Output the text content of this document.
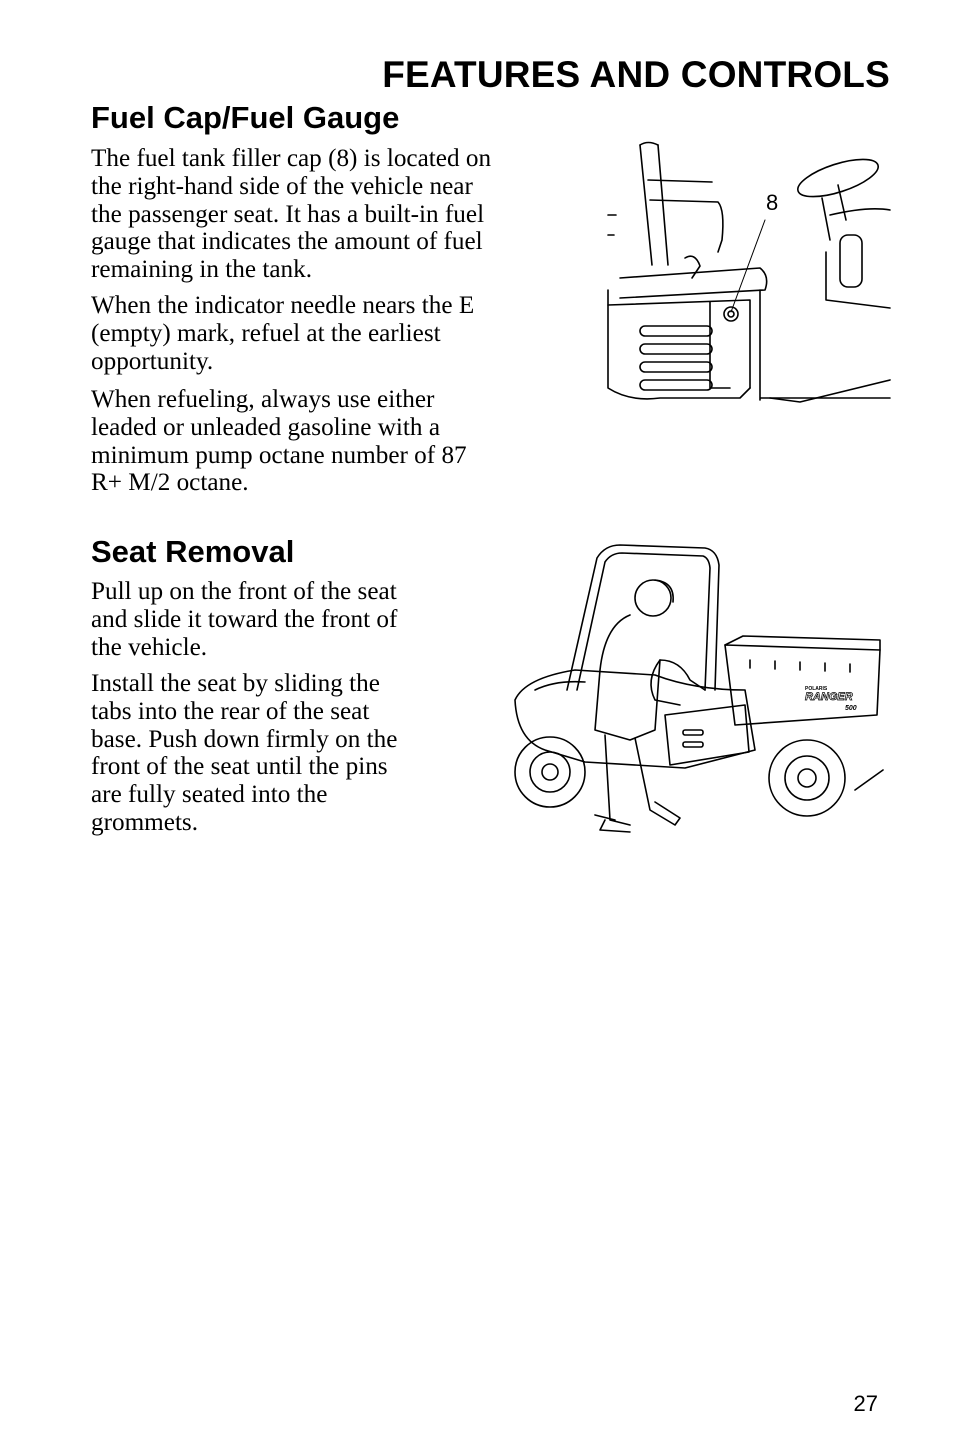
FEATURES AND CONTROLS
Fuel Cap/Fuel Gauge

The fuel tank filler cap (8) is located on
the right-hand side of the vehicle near
the passenger seat. It has a built-in fuel
gauge that indicates the amount of fuel
remaining in the tank.

When the indicator needle nears the E
(empty) mark, refuel at the earliest
opportunity.

When refueling, always use either
leaded or unleaded gasoline with a
minimum pump octane number of 87
R+ M/2 octane.

8
Seat Removal

Pull up on the front of the seat
and slide it toward the front of
the vehicle.

Install the seat by sliding the
tabs into the rear of the seat
base. Push down firmly on the
front of the seat until the pins
are fully seated into the
grommets.

POLARIS
RANGER
500
27
